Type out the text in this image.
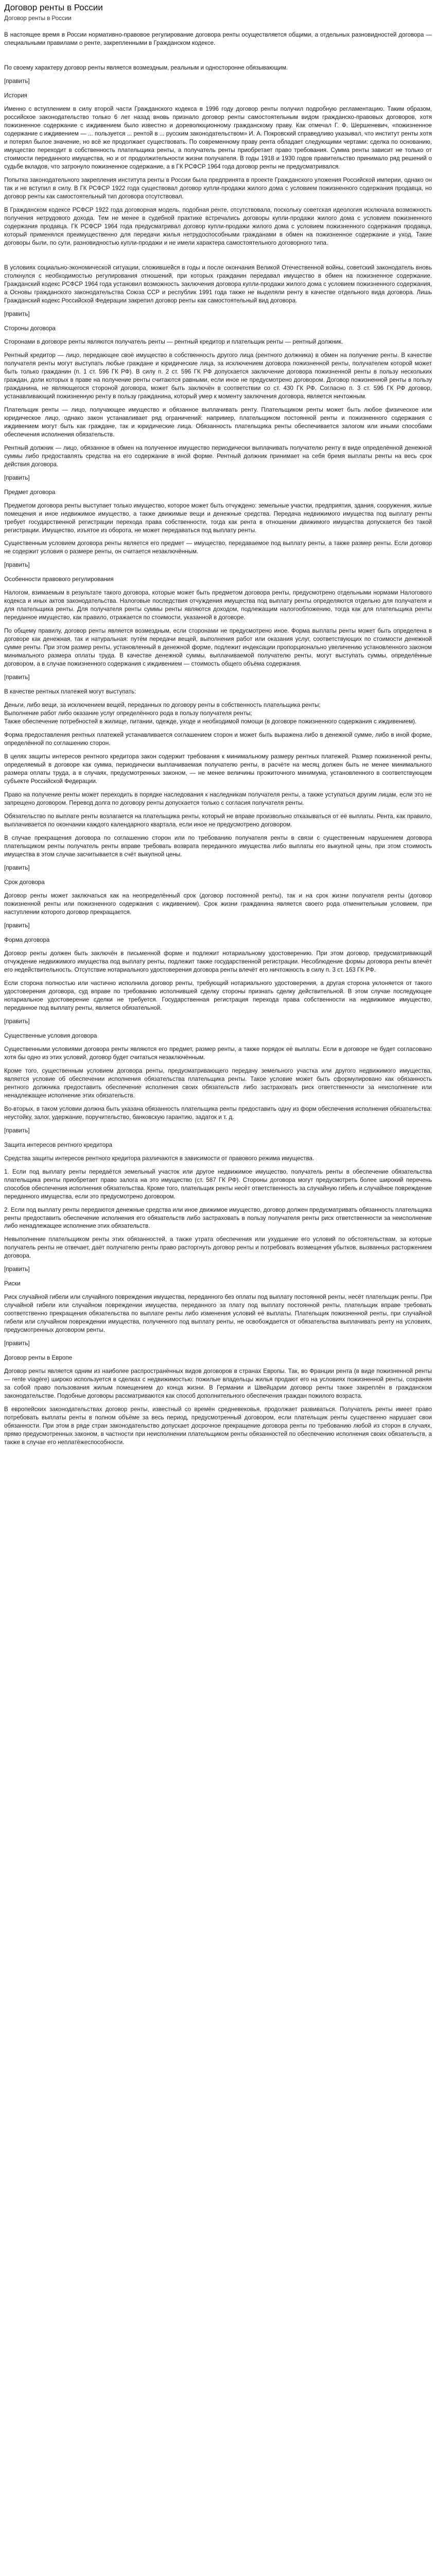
Договор ренты в России
Договор ренты в России
В настоящее время в России нормативно-правовое регулирование договора ренты осуществляется общими, а отдельных разновидностей договора — специальными правилами о ренте, закрепленными в Гражданском кодексе.
По своему характеру договор ренты является возмездным, реальным и односторонне обязывающим.
[править]
История
Именно с вступлением в силу второй части Гражданского кодекса в 1996 году договор ренты получил подробную регламентацию. Таким образом, российское законодательство только 6 лет назад вновь признало договор ренты самостоятельным видом гражданско-правовых договоров, хотя пожизненное содержание с иждивением было известно и дореволюционному гражданскому праву. Как отмечал Г. Ф. Шершеневич, «пожизненное содержание с иждивением — ... пользуется ... рентой в ... русским законодательством» И. А. Покровский справедливо указывал, что институт ренты хотя и потерял былое значение, но всё же продолжает существовать. По современному праву рента обладает следующими чертами: сделка по основанию, имущество переходит в собственность плательщика ренты, а получатель ренты приобретает право требования. Сумма ренты зависит не только от стоимости переданного имущества, но и от продолжительности жизни получателя. В годы 1918 и 1930 годов правительство принимало ряд решений о судьбе вкладов, что затронуло пожизненное содержание, а в ГК РСФСР 1964 года договор ренты не предусматривался.
Попытка законодательного закрепления института ренты в России была предпринята в проекте Гражданского уложения Российской империи, однако он так и не вступил в силу. В ГК РСФСР 1922 года существовал договор купли-продажи жилого дома с условием пожизненного содержания продавца, но договор ренты как самостоятельный тип договора отсутствовал.
В Гражданском кодексе РСФСР 1922 года договорная модель, подобная ренте, отсутствовала, поскольку советская идеология исключала возможность получения нетрудового дохода. Тем не менее в судебной практике встречались договоры купли-продажи жилого дома с условием пожизненного содержания продавца. ГК РСФСР 1964 года предусматривал договор купли-продажи жилого дома с условием пожизненного содержания продавца, который применялся преимущественно для передачи жилья нетрудоспособными гражданами в обмен на пожизненное содержание и уход. Такие договоры были, по сути, разновидностью купли-продажи и не имели характера самостоятельного договорного типа.
В условиях социально-экономической ситуации, сложившейся в годы и после окончания Великой Отечественной войны, советский законодатель вновь столкнулся с необходимостью регулирования отношений, при которых гражданин передавал имущество в обмен на пожизненное содержание. Гражданский кодекс РСФСР 1964 года установил возможность заключения договора купли-продажи жилого дома с условием пожизненного содержания, а Основы гражданского законодательства Союза ССР и республик 1991 года также не выделяли ренту в качестве отдельного вида договора. Лишь Гражданский кодекс Российской Федерации закрепил договор ренты как самостоятельный вид договора.
[править]
Стороны договора
Сторонами в договоре ренты являются получатель ренты — рентный кредитор и плательщик ренты — рентный должник.
Рентный кредитор — лицо, передающее своё имущество в собственность другого лица (рентного должника) в обмен на получение ренты. В качестве получателя ренты могут выступать любые граждане и юридические лица, за исключением договора пожизненной ренты, получателем которой может быть только гражданин (п. 1 ст. 596 ГК РФ). В силу п. 2 ст. 596 ГК РФ допускается заключение договора пожизненной ренты в пользу нескольких граждан, доли которых в праве на получение ренты считаются равными, если иное не предусмотрено договором. Договор пожизненной ренты в пользу гражданина, не являющегося стороной договора, может быть заключён в соответствии со ст. 430 ГК РФ. Согласно п. 3 ст. 596 ГК РФ договор, устанавливающий пожизненную ренту в пользу гражданина, который умер к моменту заключения договора, является ничтожным.
Плательщик ренты — лицо, получающее имущество и обязанное выплачивать ренту. Плательщиком ренты может быть любое физическое или юридическое лицо, однако закон устанавливает ряд ограничений: например, плательщиком постоянной ренты и пожизненного содержания с иждивением могут быть как граждане, так и юридические лица. Обязанность плательщика ренты обеспечивается залогом или иными способами обеспечения исполнения обязательств.
Рентный должник — лицо, обязанное в обмен на полученное имущество периодически выплачивать получателю ренту в виде определённой денежной суммы либо предоставлять средства на его содержание в иной форме. Рентный должник принимает на себя бремя выплаты ренты на весь срок действия договора.
[править]
Предмет договора
Предметом договора ренты выступает только имущество, которое может быть отчуждено: земельные участки, предприятия, здания, сооружения, жилые помещения и иное недвижимое имущество, а также движимые вещи и денежные средства. Передача недвижимого имущества под выплату ренты требует государственной регистрации перехода права собственности, тогда как рента в отношении движимого имущества допускается без такой регистрации. Имущество, изъятое из оборота, не может передаваться под выплату ренты.
Существенным условием договора ренты является его предмет — имущество, передаваемое под выплату ренты, а также размер ренты. Если договор не содержит условия о размере ренты, он считается незаключённым.
[править]
Особенности правового регулирования
Налогом, взимаемым в результате такого договора, которые может быть предметом договора ренты, предусмотрено отдельными нормами Налогового кодекса и иных актов законодательства. Налоговые последствия отчуждения имущества под выплату ренты определяются отдельно для получателя и для плательщика ренты. Для получателя ренты суммы ренты являются доходом, подлежащим налогообложению, тогда как для плательщика ренты переданное имущество, как правило, отражается по стоимости, указанной в договоре.
По общему правилу, договор ренты является возмездным, если сторонами не предусмотрено иное. Форма выплаты ренты может быть определена в договоре как денежная, так и натуральная: путём передачи вещей, выполнения работ или оказания услуг, соответствующих по стоимости денежной сумме ренты. При этом размер ренты, установленный в денежной форме, подлежит индексации пропорционально увеличению установленного законом минимального размера оплаты труда. В качестве денежной суммы, выплачиваемой получателю ренты, могут выступать суммы, определённые договором, а в случае пожизненного содержания с иждивением — стоимость общего объёма содержания.
[править]
В качестве рентных платежей могут выступать:
Деньги, либо вещи, за исключением вещей, переданных по договору ренты в собственность плательщика ренты;
Выполнение работ либо оказание услуг определённого рода в пользу получателя ренты;
Также обеспечение потребностей в жилище, питании, одежде, уходе и необходимой помощи (в договоре пожизненного содержания с иждивением).
Форма предоставления рентных платежей устанавливается соглашением сторон и может быть выражена либо в денежной сумме, либо в иной форме, определённой по соглашению сторон.
В целях защиты интересов рентного кредитора закон содержит требования к минимальному размеру рентных платежей. Размер пожизненной ренты, определяемый в договоре как сумма, периодически выплачиваемая получателю ренты, в расчёте на месяц должен быть не менее минимального размера оплаты труда, а в случаях, предусмотренных законом, — не менее величины прожиточного минимума, установленного в соответствующем субъекте Российской Федерации.
Право на получение ренты может переходить в порядке наследования к наследникам получателя ренты, а также уступаться другим лицам, если это не запрещено договором. Перевод долга по договору ренты допускается только с согласия получателя ренты.
Обязательство по выплате ренты возлагается на плательщика ренты, который не вправе произвольно отказываться от её выплаты. Рента, как правило, выплачивается по окончании каждого календарного квартала, если иное не предусмотрено договором.
В случае прекращения договора по соглашению сторон или по требованию получателя ренты в связи с существенным нарушением договора плательщиком ренты получатель ренты вправе требовать возврата переданного имущества либо выплаты его выкупной цены, при этом стоимость имущества в этом случае засчитывается в счёт выкупной цены.
[править]
Срок договора
Договор ренты может заключаться как на неопределённый срок (договор постоянной ренты), так и на срок жизни получателя ренты (договор пожизненной ренты или пожизненного содержания с иждивением). Срок жизни гражданина является своего рода отменительным условием, при наступлении которого договор прекращается.
[править]
Форма договора
Договор ренты должен быть заключён в письменной форме и подлежит нотариальному удостоверению. При этом договор, предусматривающий отчуждение недвижимого имущества под выплату ренты, подлежит также государственной регистрации. Несоблюдение формы договора ренты влечёт его недействительность. Отсутствие нотариального удостоверения договора ренты влечёт его ничтожность в силу п. 3 ст. 163 ГК РФ.
Если сторона полностью или частично исполнила договор ренты, требующий нотариального удостоверения, а другая сторона уклоняется от такого удостоверения договора, суд вправе по требованию исполнившей сделку стороны признать сделку действительной. В этом случае последующее нотариальное удостоверение сделки не требуется. Государственная регистрация перехода права собственности на недвижимое имущество, переданное под выплату ренты, является обязательной.
[править]
Существенные условия договора
Существенными условиями договора ренты являются его предмет, размер ренты, а также порядок её выплаты. Если в договоре не будет согласовано хотя бы одно из этих условий, договор будет считаться незаключённым.
Кроме того, существенным условием договора ренты, предусматривающего передачу земельного участка или другого недвижимого имущества, является условие об обеспечении исполнения обязательства плательщика ренты. Такое условие может быть сформулировано как обязанность рентного должника предоставить обеспечение исполнения своих обязательств либо застраховать риск ответственности за неисполнение или ненадлежащее исполнение этих обязательств.
Во-вторых, в таком условии должна быть указана обязанность плательщика ренты предоставить одну из форм обеспечения исполнения обязательства: неустойку, залог, удержание, поручительство, банковскую гарантию, задаток и т. д.
[править]
Защита интересов рентного кредитора
Средства защиты интересов рентного кредитора различаются в зависимости от правового режима имущества.
1. Если под выплату ренты передаётся земельный участок или другое недвижимое имущество, получатель ренты в обеспечение обязательства плательщика ренты приобретает право залога на это имущество (ст. 587 ГК РФ). Стороны договора могут предусмотреть более широкий перечень способов обеспечения исполнения обязательства. Кроме того, плательщик ренты несёт ответственность за случайную гибель и случайное повреждение переданного имущества, если это предусмотрено договором.
2. Если под выплату ренты передаются денежные средства или иное движимое имущество, договор должен предусматривать обязанность плательщика ренты предоставить обеспечение исполнения его обязательств либо застраховать в пользу получателя ренты риск ответственности за неисполнение либо ненадлежащее исполнение этих обязательств.
Невыполнение плательщиком ренты этих обязанностей, а также утрата обеспечения или ухудшение его условий по обстоятельствам, за которые получатель ренты не отвечает, даёт получателю ренты право расторгнуть договор ренты и потребовать возмещения убытков, вызванных расторжением договора.
[править]
Риски
Риск случайной гибели или случайного повреждения имущества, переданного без оплаты под выплату постоянной ренты, несёт плательщик ренты. При случайной гибели или случайном повреждении имущества, переданного за плату под выплату постоянной ренты, плательщик вправе требовать соответственно прекращения обязательства по выплате ренты либо изменения условий её выплаты. Плательщик пожизненной ренты, при случайной гибели или случайном повреждении имущества, полученного под выплату ренты, не освобождается от обязательства выплачивать ренту на условиях, предусмотренных договором ренты.
[править]
Договор ренты в Европе
Договор ренты является одним из наиболее распространённых видов договоров в странах Европы. Так, во Франции рента (в виде пожизненной ренты — rente viagère) широко используется в сделках с недвижимостью: пожилые владельцы жилья продают его на условиях пожизненной ренты, сохраняя за собой право пользования жилым помещением до конца жизни. В Германии и Швейцарии договор ренты также закреплён в гражданском законодательстве. Подобные договоры рассматриваются как способ дополнительного обеспечения граждан пожилого возраста.
В европейских законодательствах договор ренты, известный со времён средневековья, продолжает развиваться. Получатель ренты имеет право потребовать выплаты ренты в полном объёме за весь период, предусмотренный договором, если плательщик ренты существенно нарушает свои обязанности. При этом в ряде стран законодательство допускает досрочное прекращение договора ренты по требованию любой из сторон в случаях, прямо предусмотренных законом, в частности при неисполнении плательщиком ренты обязанностей по обеспечению исполнения своих обязательств, а также в случае его неплатёжеспособности.
